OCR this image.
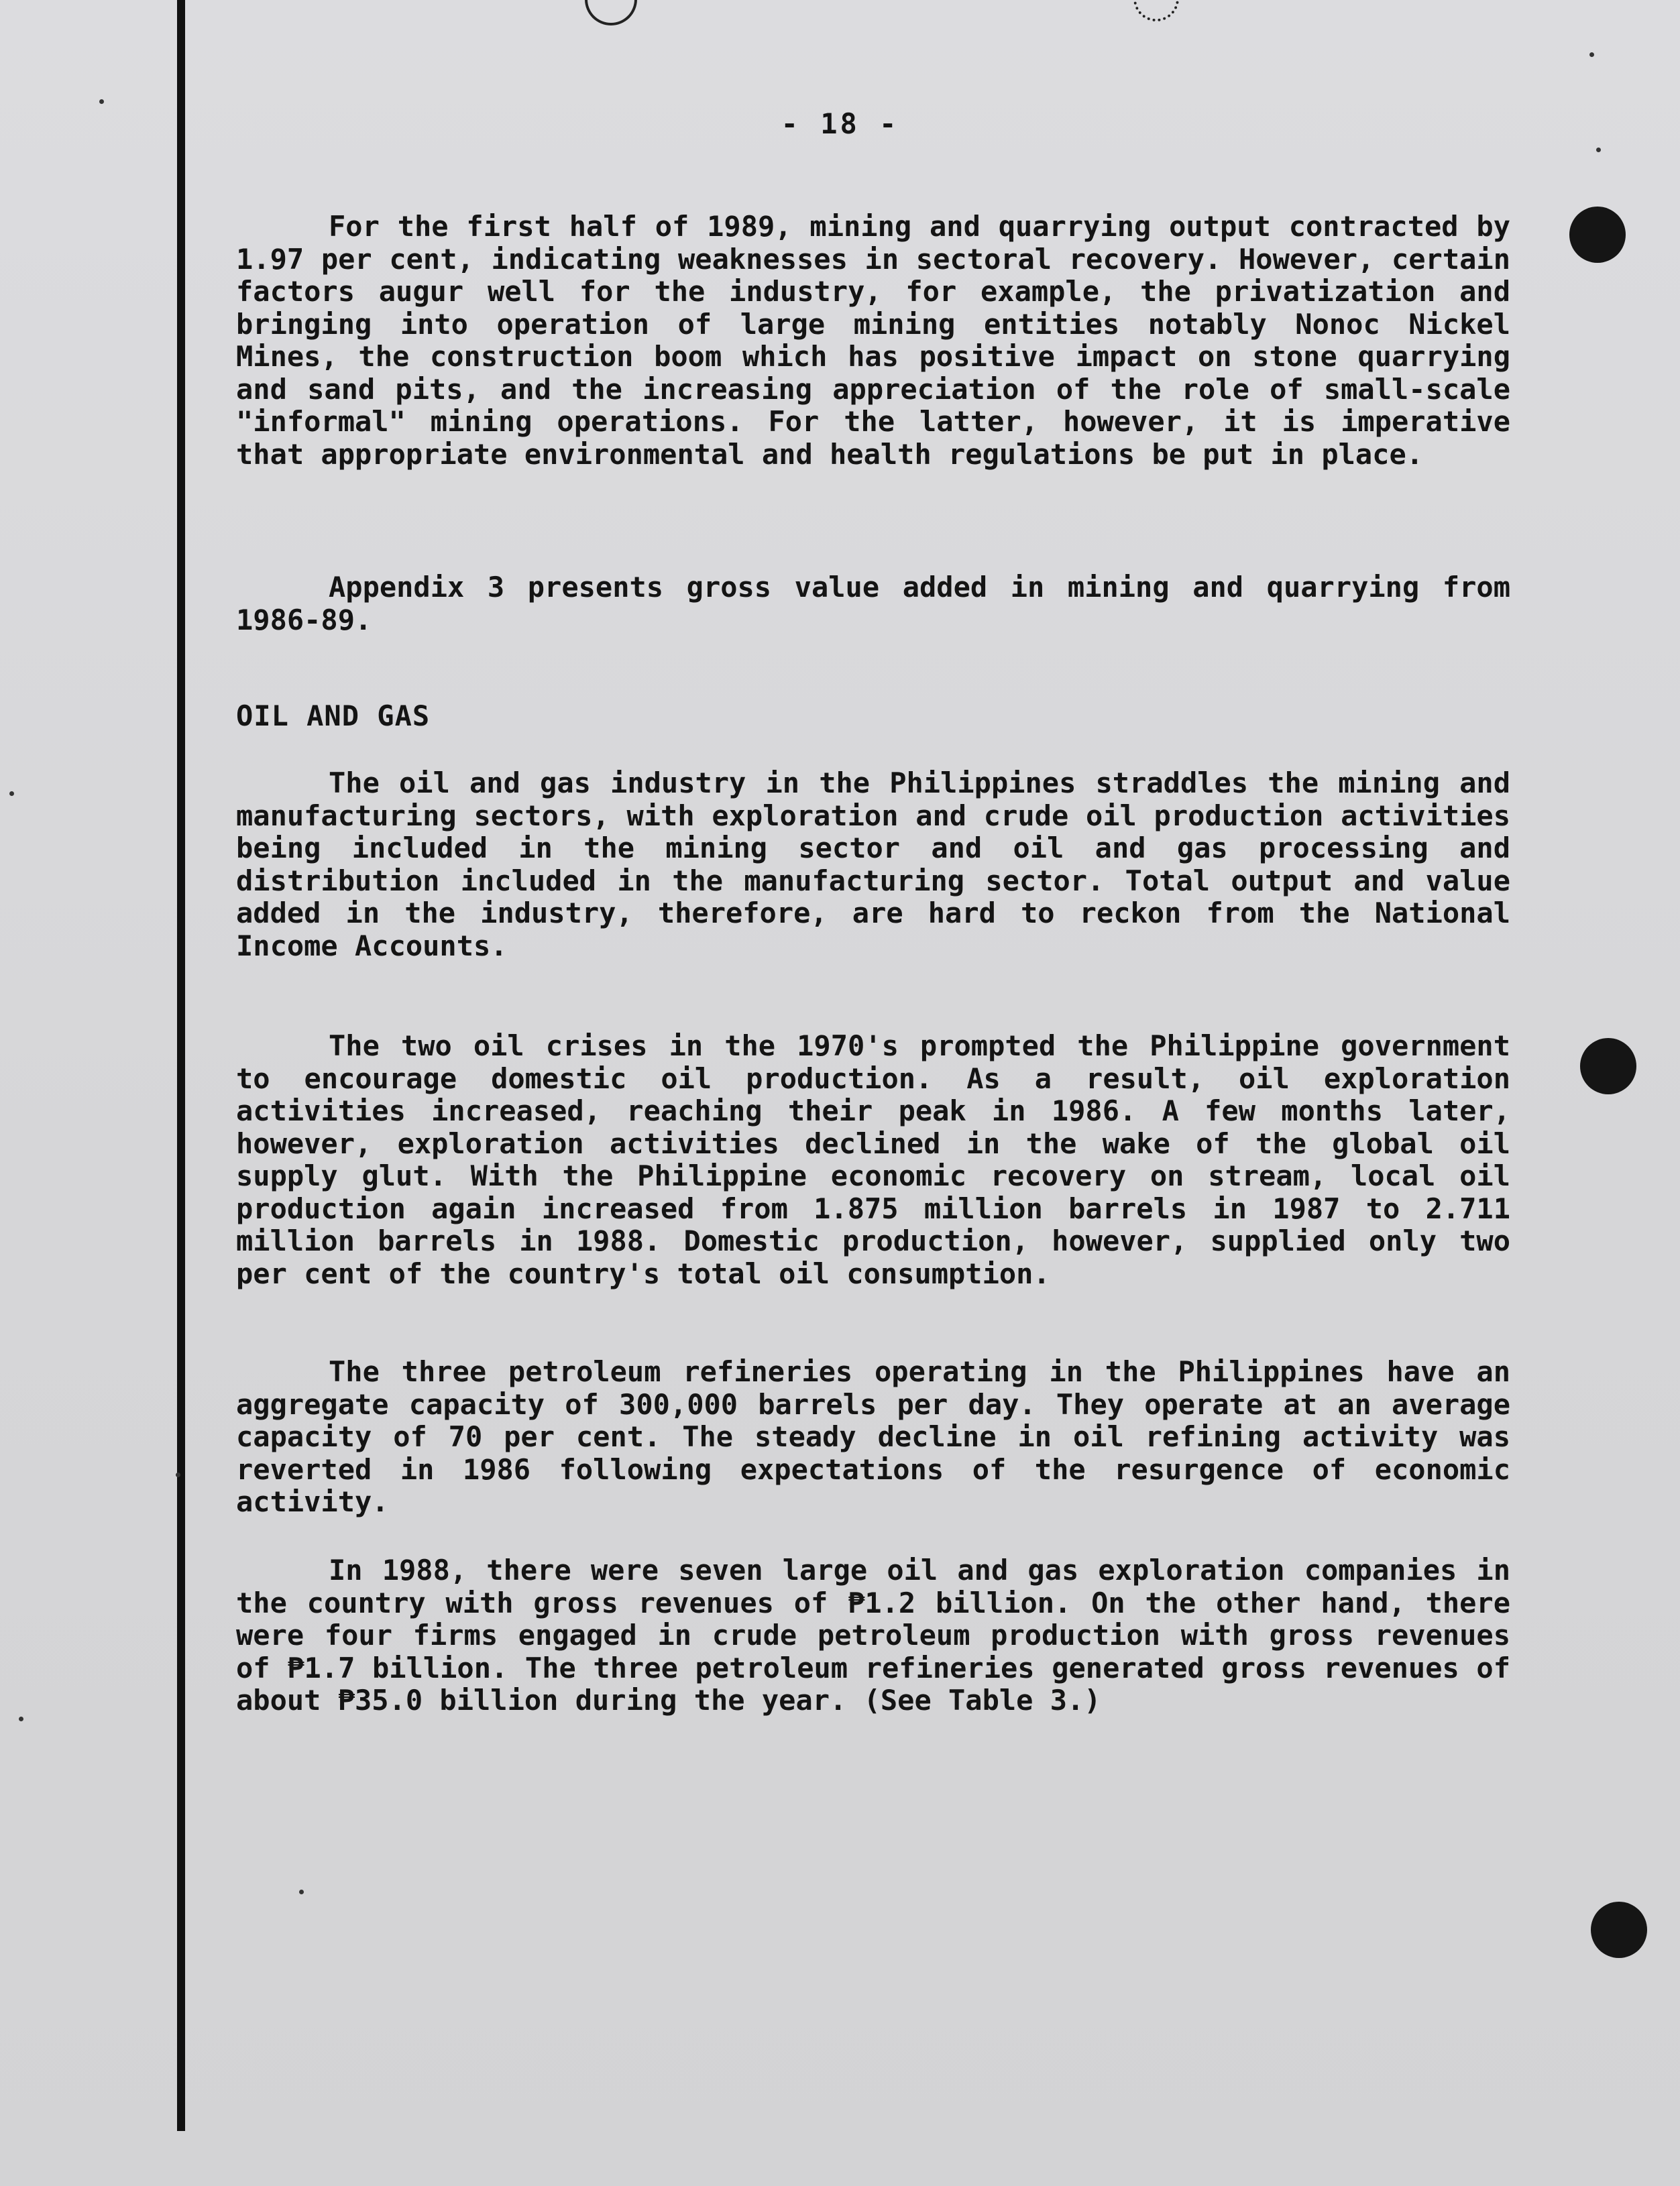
- 18 -

For the first half of 1989, mining and quarrying output contracted by 1.97 per cent, indicating weaknesses in sectoral recovery. However, certain factors augur well for the industry, for example, the privatization and bringing into operation of large mining entities notably Nonoc Nickel Mines, the construction boom which has positive impact on stone quarrying and sand pits, and the increasing appreciation of the role of small-scale "informal" mining operations. For the latter, however, it is imperative that appropriate environmental and health regulations be put in place.

Appendix 3 presents gross value added in mining and quarrying from 1986-89.

OIL AND GAS

The oil and gas industry in the Philippines straddles the mining and manufacturing sectors, with exploration and crude oil production activities being included in the mining sector and oil and gas processing and distribution included in the manufacturing sector. Total output and value added in the industry, therefore, are hard to reckon from the National Income Accounts.

The two oil crises in the 1970's prompted the Philippine government to encourage domestic oil production. As a result, oil exploration activities increased, reaching their peak in 1986. A few months later, however, exploration activities declined in the wake of the global oil supply glut. With the Philippine economic recovery on stream, local oil production again increased from 1.875 million barrels in 1987 to 2.711 million barrels in 1988. Domestic production, however, supplied only two per cent of the country's total oil consumption.

The three petroleum refineries operating in the Philippines have an aggregate capacity of 300,000 barrels per day. They operate at an average capacity of 70 per cent. The steady decline in oil refining activity was reverted in 1986 following expectations of the resurgence of economic activity.

In 1988, there were seven large oil and gas exploration companies in the country with gross revenues of ₱1.2 billion. On the other hand, there were four firms engaged in crude petroleum production with gross revenues of ₱1.7 billion. The three petroleum refineries generated gross revenues of about ₱35.0 billion during the year. (See Table 3.)
